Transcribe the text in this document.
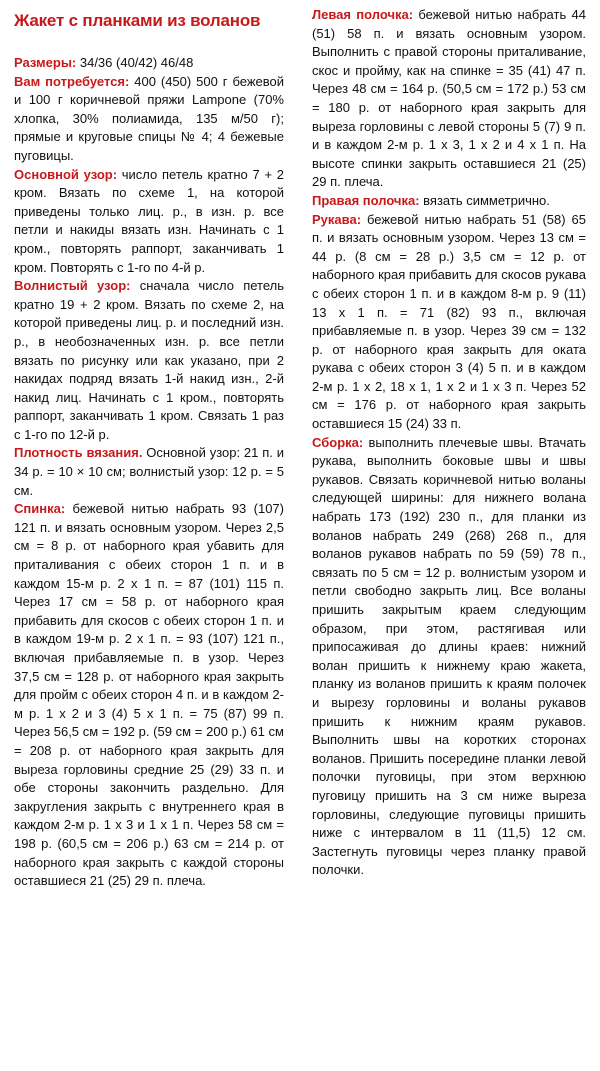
Жакет с планками из воланов

Размеры: 34/36 (40/42) 46/48

Вам потребуется: 400 (450) 500 г бежевой и 100 г коричневой пряжи Lampone (70% хлопка, 30% полиамида, 135 м/50 г); прямые и круговые спицы № 4; 4 бежевые пуговицы.

Основной узор: число петель кратно 7 + 2 кром. Вязать по схеме 1, на которой приведены только лиц. р., в изн. р. все петли и накиды вязать изн. Начинать с 1 кром., повторять раппорт, заканчивать 1 кром. Повторять с 1-го по 4-й р.

Волнистый узор: сначала число петель кратно 19 + 2 кром. Вязать по схеме 2, на которой приведены лиц. р. и последний изн. р., в необозначенных изн. р. все петли вязать по рисунку или как указано, при 2 накидах подряд вязать 1-й накид изн., 2-й накид лиц. Начинать с 1 кром., повторять раппорт, заканчивать 1 кром. Связать 1 раз с 1-го по 12-й р.

Плотность вязания. Основной узор: 21 п. и 34 р. = 10 × 10 см; волнистый узор: 12 р. = 5 см.

Спинка: бежевой нитью набрать 93 (107) 121 п. и вязать основным узором. Через 2,5 см = 8 р. от наборного края убавить для приталивания с обеих сторон 1 п. и в каждом 15-м р. 2 x 1 п. = 87 (101) 115 п. Через 17 см = 58 р. от наборного края прибавить для скосов с обеих сторон 1 п. и в каждом 19-м р. 2 x 1 п. = 93 (107) 121 п., включая прибавляемые п. в узор. Через 37,5 см = 128 р. от наборного края закрыть для пройм с обеих сторон 4 п. и в каждом 2-м р. 1 x 2 и 3 (4) 5 x 1 п. = 75 (87) 99 п. Через 56,5 см = 192 р. (59 см = 200 р.) 61 см = 208 р. от наборного края закрыть для выреза горловины средние 25 (29) 33 п. и обе стороны закончить раздельно. Для закругления закрыть с внутреннего края в каждом 2-м р. 1 x 3 и 1 x 1 п. Через 58 см = 198 р. (60,5 см = 206 р.) 63 см = 214 р. от наборного края закрыть с каждой стороны оставшиеся 21 (25) 29 п. плеча.

Левая полочка: бежевой нитью набрать 44 (51) 58 п. и вязать основным узором. Выполнить с правой стороны приталивание, скос и пройму, как на спинке = 35 (41) 47 п. Через 48 см = 164 р. (50,5 см = 172 р.) 53 см = 180 р. от наборного края закрыть для выреза горловины с левой стороны 5 (7) 9 п. и в каждом 2-м р. 1 x 3, 1 x 2 и 4 x 1 п. На высоте спинки закрыть оставшиеся 21 (25) 29 п. плеча.

Правая полочка: вязать симметрично.

Рукава: бежевой нитью набрать 51 (58) 65 п. и вязать основным узором. Через 13 см = 44 р. (8 см = 28 р.) 3,5 см = 12 р. от наборного края прибавить для скосов рукава с обеих сторон 1 п. и в каждом 8-м р. 9 (11) 13 x 1 п. = 71 (82) 93 п., включая прибавляемые п. в узор. Через 39 см = 132 р. от наборного края закрыть для оката рукава с обеих сторон 3 (4) 5 п. и в каждом 2-м р. 1 x 2, 18 x 1, 1 x 2 и 1 x 3 п. Через 52 см = 176 р. от наборного края закрыть оставшиеся 15 (24) 33 п.

Сборка: выполнить плечевые швы. Втачать рукава, выполнить боковые швы и швы рукавов. Связать коричневой нитью воланы следующей ширины: для нижнего волана набрать 173 (192) 230 п., для планки из воланов набрать 249 (268) 268 п., для воланов рукавов набрать по 59 (59) 78 п., связать по 5 см = 12 р. волнистым узором и петли свободно закрыть лиц. Все воланы пришить закрытым краем следующим образом, при этом, растягивая или припосаживая до длины краев: нижний волан пришить к нижнему краю жакета, планку из воланов пришить к краям полочек и вырезу горловины и воланы рукавов пришить к нижним краям рукавов. Выполнить швы на коротких сторонах воланов. Пришить посередине планки левой полочки пуговицы, при этом верхнюю пуговицу пришить на 3 см ниже выреза горловины, следующие пуговицы пришить ниже с интервалом в 11 (11,5) 12 см. Застегнуть пуговицы через планку правой полочки.
